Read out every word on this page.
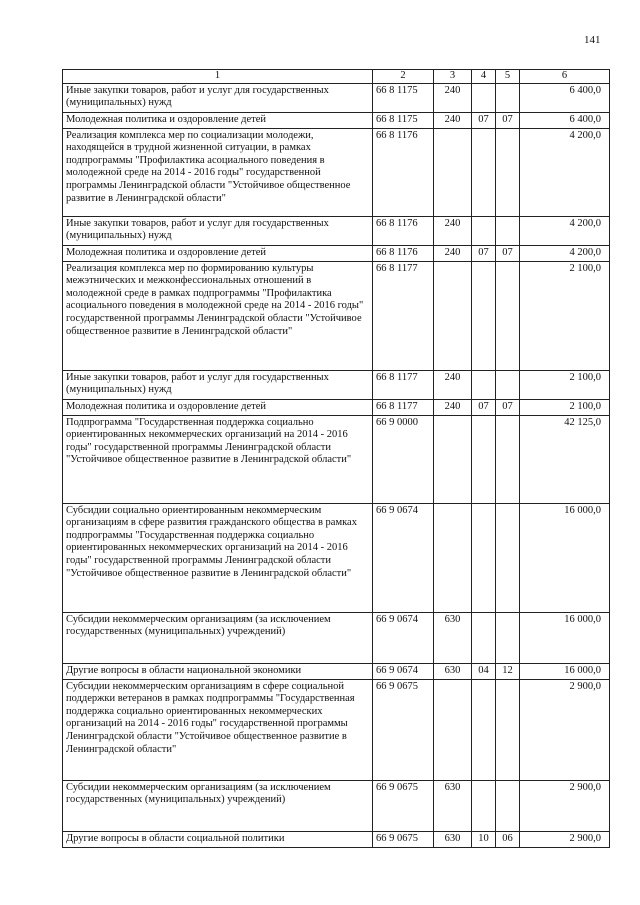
141
1	2	3	4	5	6
Иные закупки товаров, работ и услуг для государственных (муниципальных) нужд	66 8 1175	240			6 400,0
Молодежная политика и оздоровление детей	66 8 1175	240	07	07	6 400,0
Реализация комплекса мер по социализации молодежи, находящейся в трудной жизненной ситуации, в рамках подпрограммы "Профилактика асоциального поведения в молодежной среде на 2014 - 2016 годы" государственной программы Ленинградской области "Устойчивое общественное развитие в Ленинградской области"	66 8 1176				4 200,0
Иные закупки товаров, работ и услуг для государственных (муниципальных) нужд	66 8 1176	240			4 200,0
Молодежная политика и оздоровление детей	66 8 1176	240	07	07	4 200,0
Реализация комплекса мер по формированию культуры межэтнических и межконфессиональных отношений в молодежной среде в рамках подпрограммы "Профилактика асоциального поведения в молодежной среде на 2014 - 2016 годы" государственной программы Ленинградской области "Устойчивое общественное развитие в Ленинградской области"	66 8 1177				2 100,0
Иные закупки товаров, работ и услуг для государственных (муниципальных) нужд	66 8 1177	240			2 100,0
Молодежная политика и оздоровление детей	66 8 1177	240	07	07	2 100,0
Подпрограмма "Государственная поддержка социально ориентированных некоммерческих организаций на 2014 - 2016 годы" государственной программы Ленинградской области "Устойчивое общественное развитие в Ленинградской области"	66 9 0000				42 125,0
Субсидии социально ориентированным некоммерческим организациям в сфере развития гражданского общества в рамках подпрограммы "Государственная поддержка социально ориентированных некоммерческих организаций на 2014 - 2016 годы" государственной программы Ленинградской области "Устойчивое общественное развитие в Ленинградской области"	66 9 0674				16 000,0
Субсидии некоммерческим организациям (за исключением государственных (муниципальных) учреждений)	66 9 0674	630			16 000,0
Другие вопросы в области национальной экономики	66 9 0674	630	04	12	16 000,0
Субсидии некоммерческим организациям в сфере социальной поддержки ветеранов в рамках подпрограммы "Государственная поддержка социально ориентированных некоммерческих организаций на 2014 - 2016 годы" государственной программы Ленинградской области "Устойчивое общественное развитие в Ленинградской области"	66 9 0675				2 900,0
Субсидии некоммерческим организациям (за исключением государственных (муниципальных) учреждений)	66 9 0675	630			2 900,0
Другие вопросы в области социальной политики	66 9 0675	630	10	06	2 900,0
